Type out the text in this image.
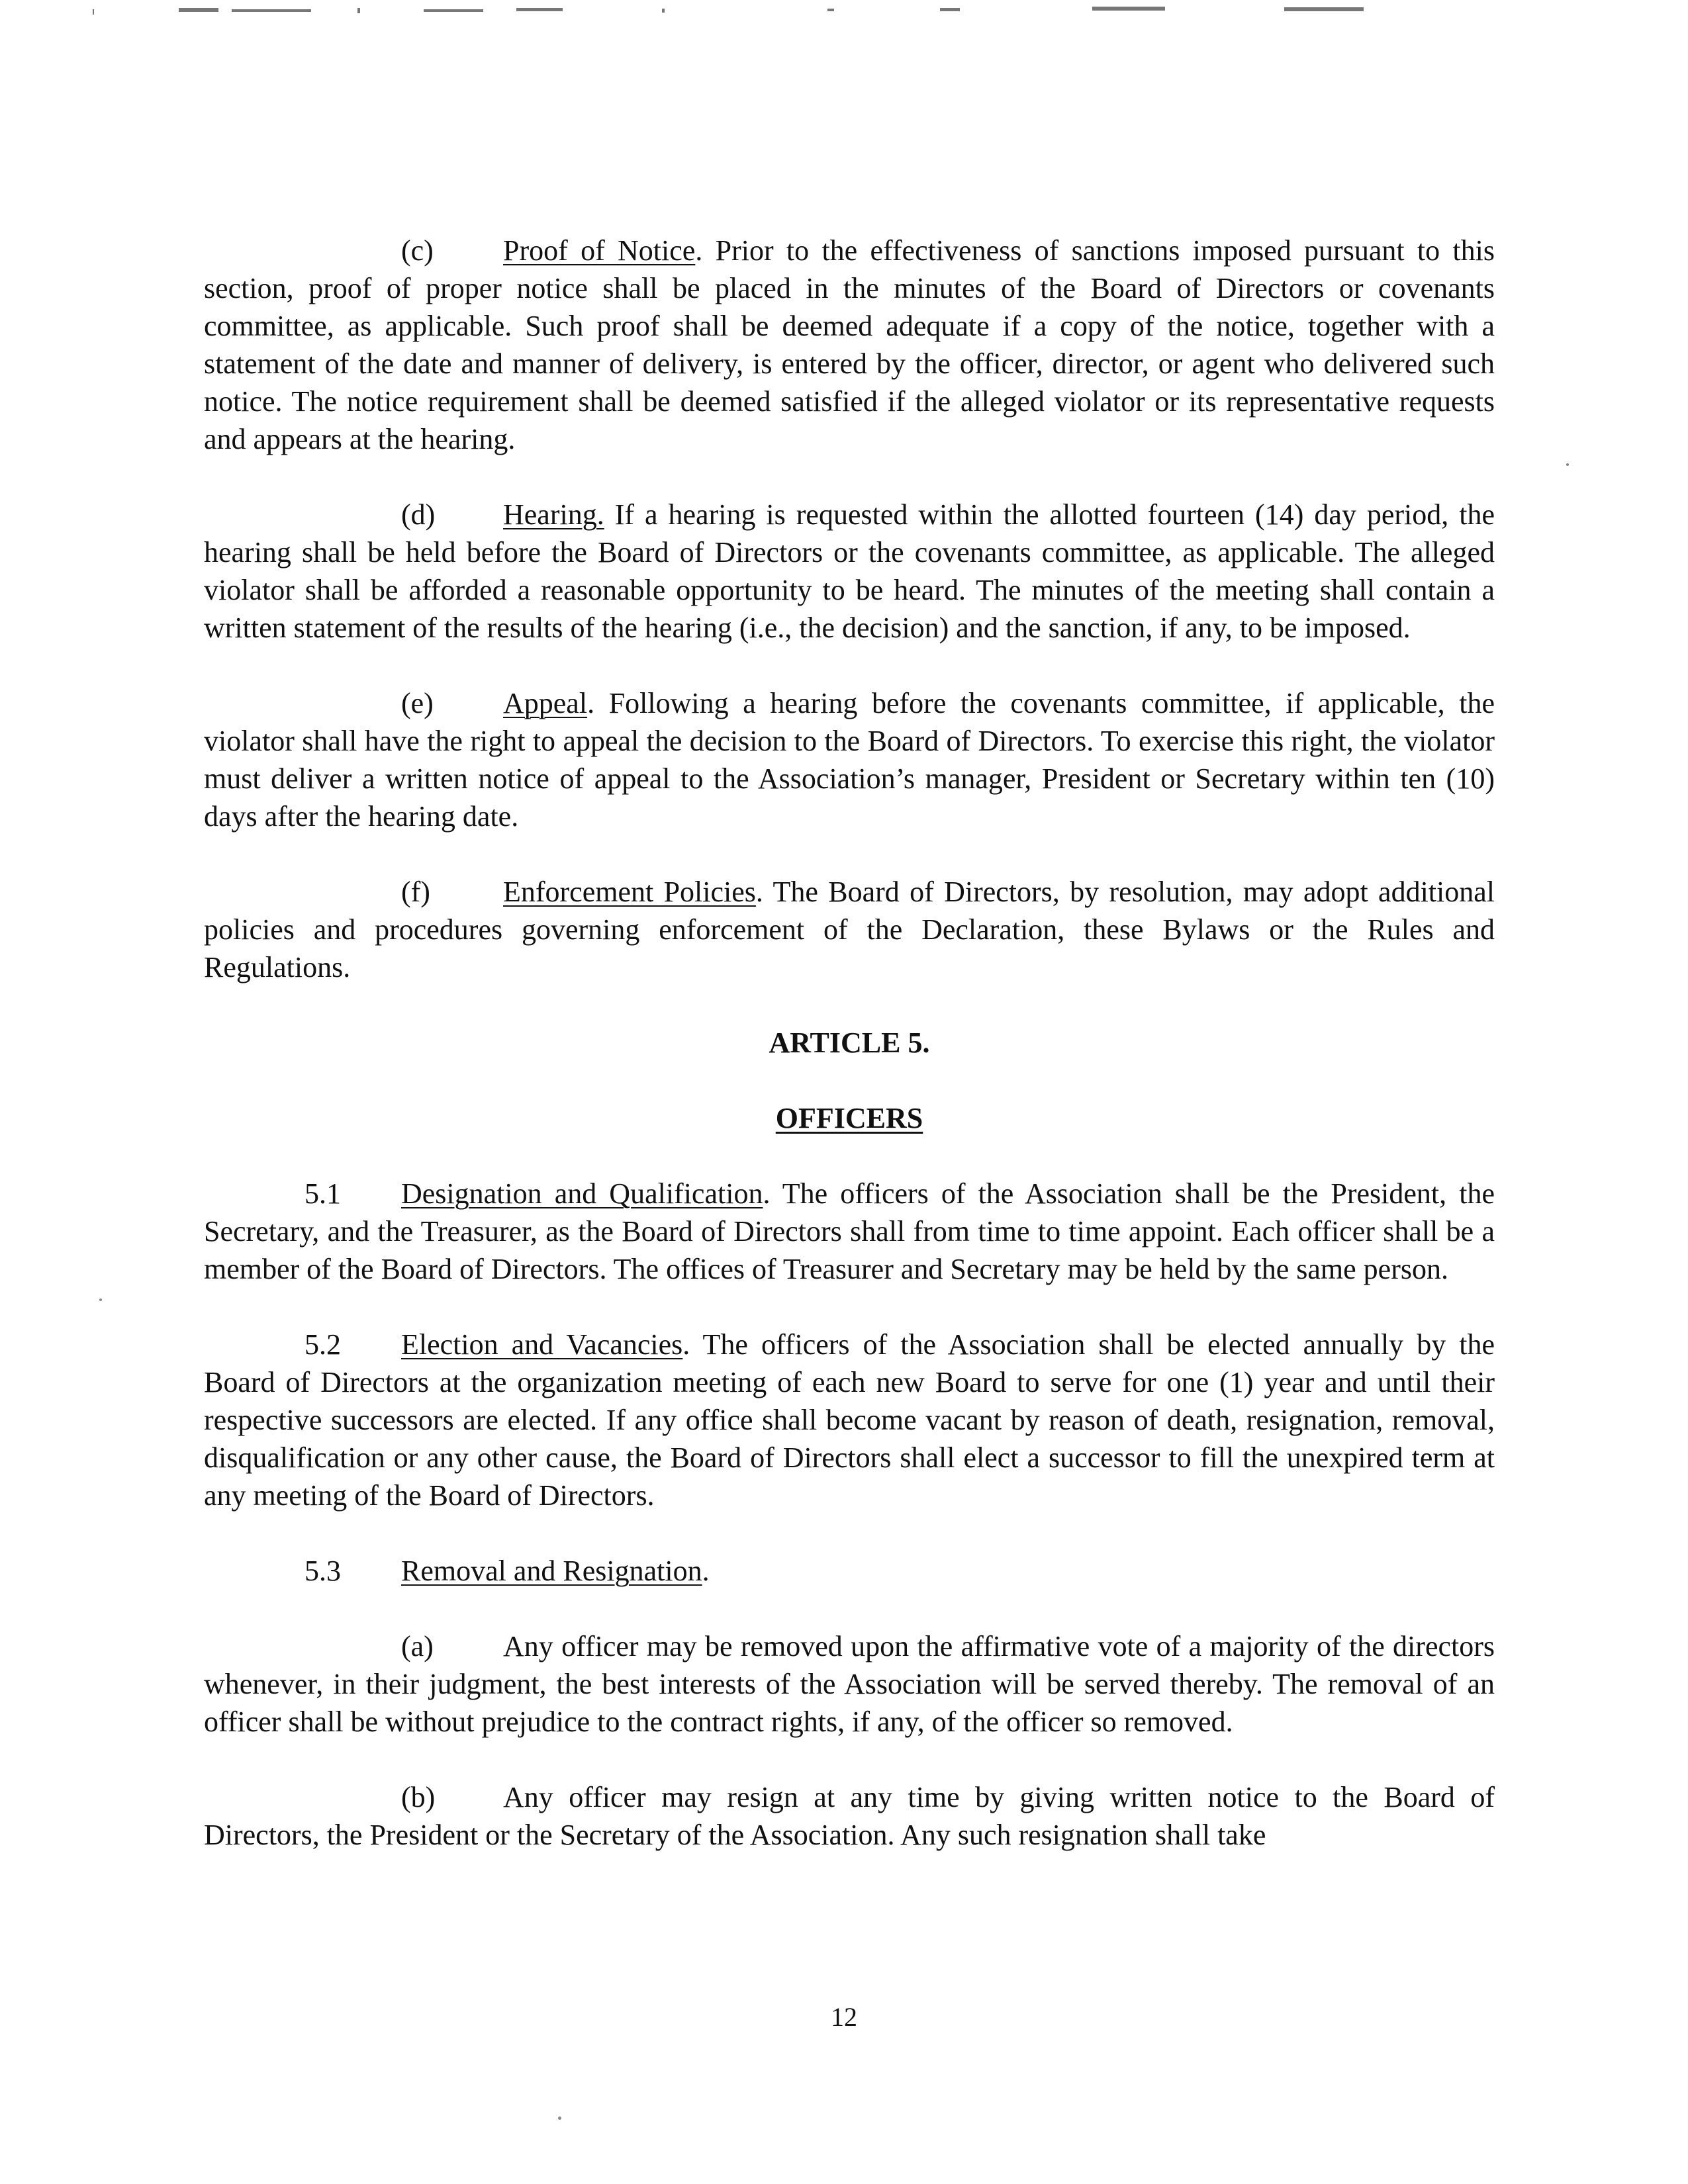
(c) Proof of Notice. Prior to the effectiveness of sanctions imposed pursuant to this section, proof of proper notice shall be placed in the minutes of the Board of Directors or covenants committee, as applicable. Such proof shall be deemed adequate if a copy of the notice, together with a statement of the date and manner of delivery, is entered by the officer, director, or agent who delivered such notice. The notice requirement shall be deemed satisfied if the alleged violator or its representative requests and appears at the hearing.

(d) Hearing. If a hearing is requested within the allotted fourteen (14) day period, the hearing shall be held before the Board of Directors or the covenants committee, as applicable. The alleged violator shall be afforded a reasonable opportunity to be heard. The minutes of the meeting shall contain a written statement of the results of the hearing (i.e., the decision) and the sanction, if any, to be imposed.

(e) Appeal. Following a hearing before the covenants committee, if applicable, the violator shall have the right to appeal the decision to the Board of Directors. To exercise this right, the violator must deliver a written notice of appeal to the Association’s manager, President or Secretary within ten (10) days after the hearing date.

(f)	Enforcement Policies. The Board of Directors, by resolution, may adopt additional policies and procedures governing enforcement of the Declaration, these Bylaws or the Rules and Regulations.

ARTICLE 5.
OFFICERS

5.1 Designation and Qualification. The officers of the Association shall be the President, the Secretary, and the Treasurer, as the Board of Directors shall from time to time appoint. Each officer shall be a member of the Board of Directors. The offices of Treasurer and Secretary may be held by the same person.

5.2 Election and Vacancies. The officers of the Association shall be elected annually by the Board of Directors at the organization meeting of each new Board to serve for one (1) year and until their respective successors are elected. If any office shall become vacant by reason of death, resignation, removal, disqualification or any other cause, the Board of Directors shall elect a successor to fill the unexpired term at any meeting of the Board of Directors.

5.3 Removal and Resignation.

(a) Any officer may be removed upon the affirmative vote of a majority of the directors whenever, in their judgment, the best interests of the Association will be served thereby. The removal of an officer shall be without prejudice to the contract rights, if any, of the officer so removed.

(b) Any officer may resign at any time by giving written notice to the Board of Directors, the President or the Secretary of the Association. Any such resignation shall take

12
